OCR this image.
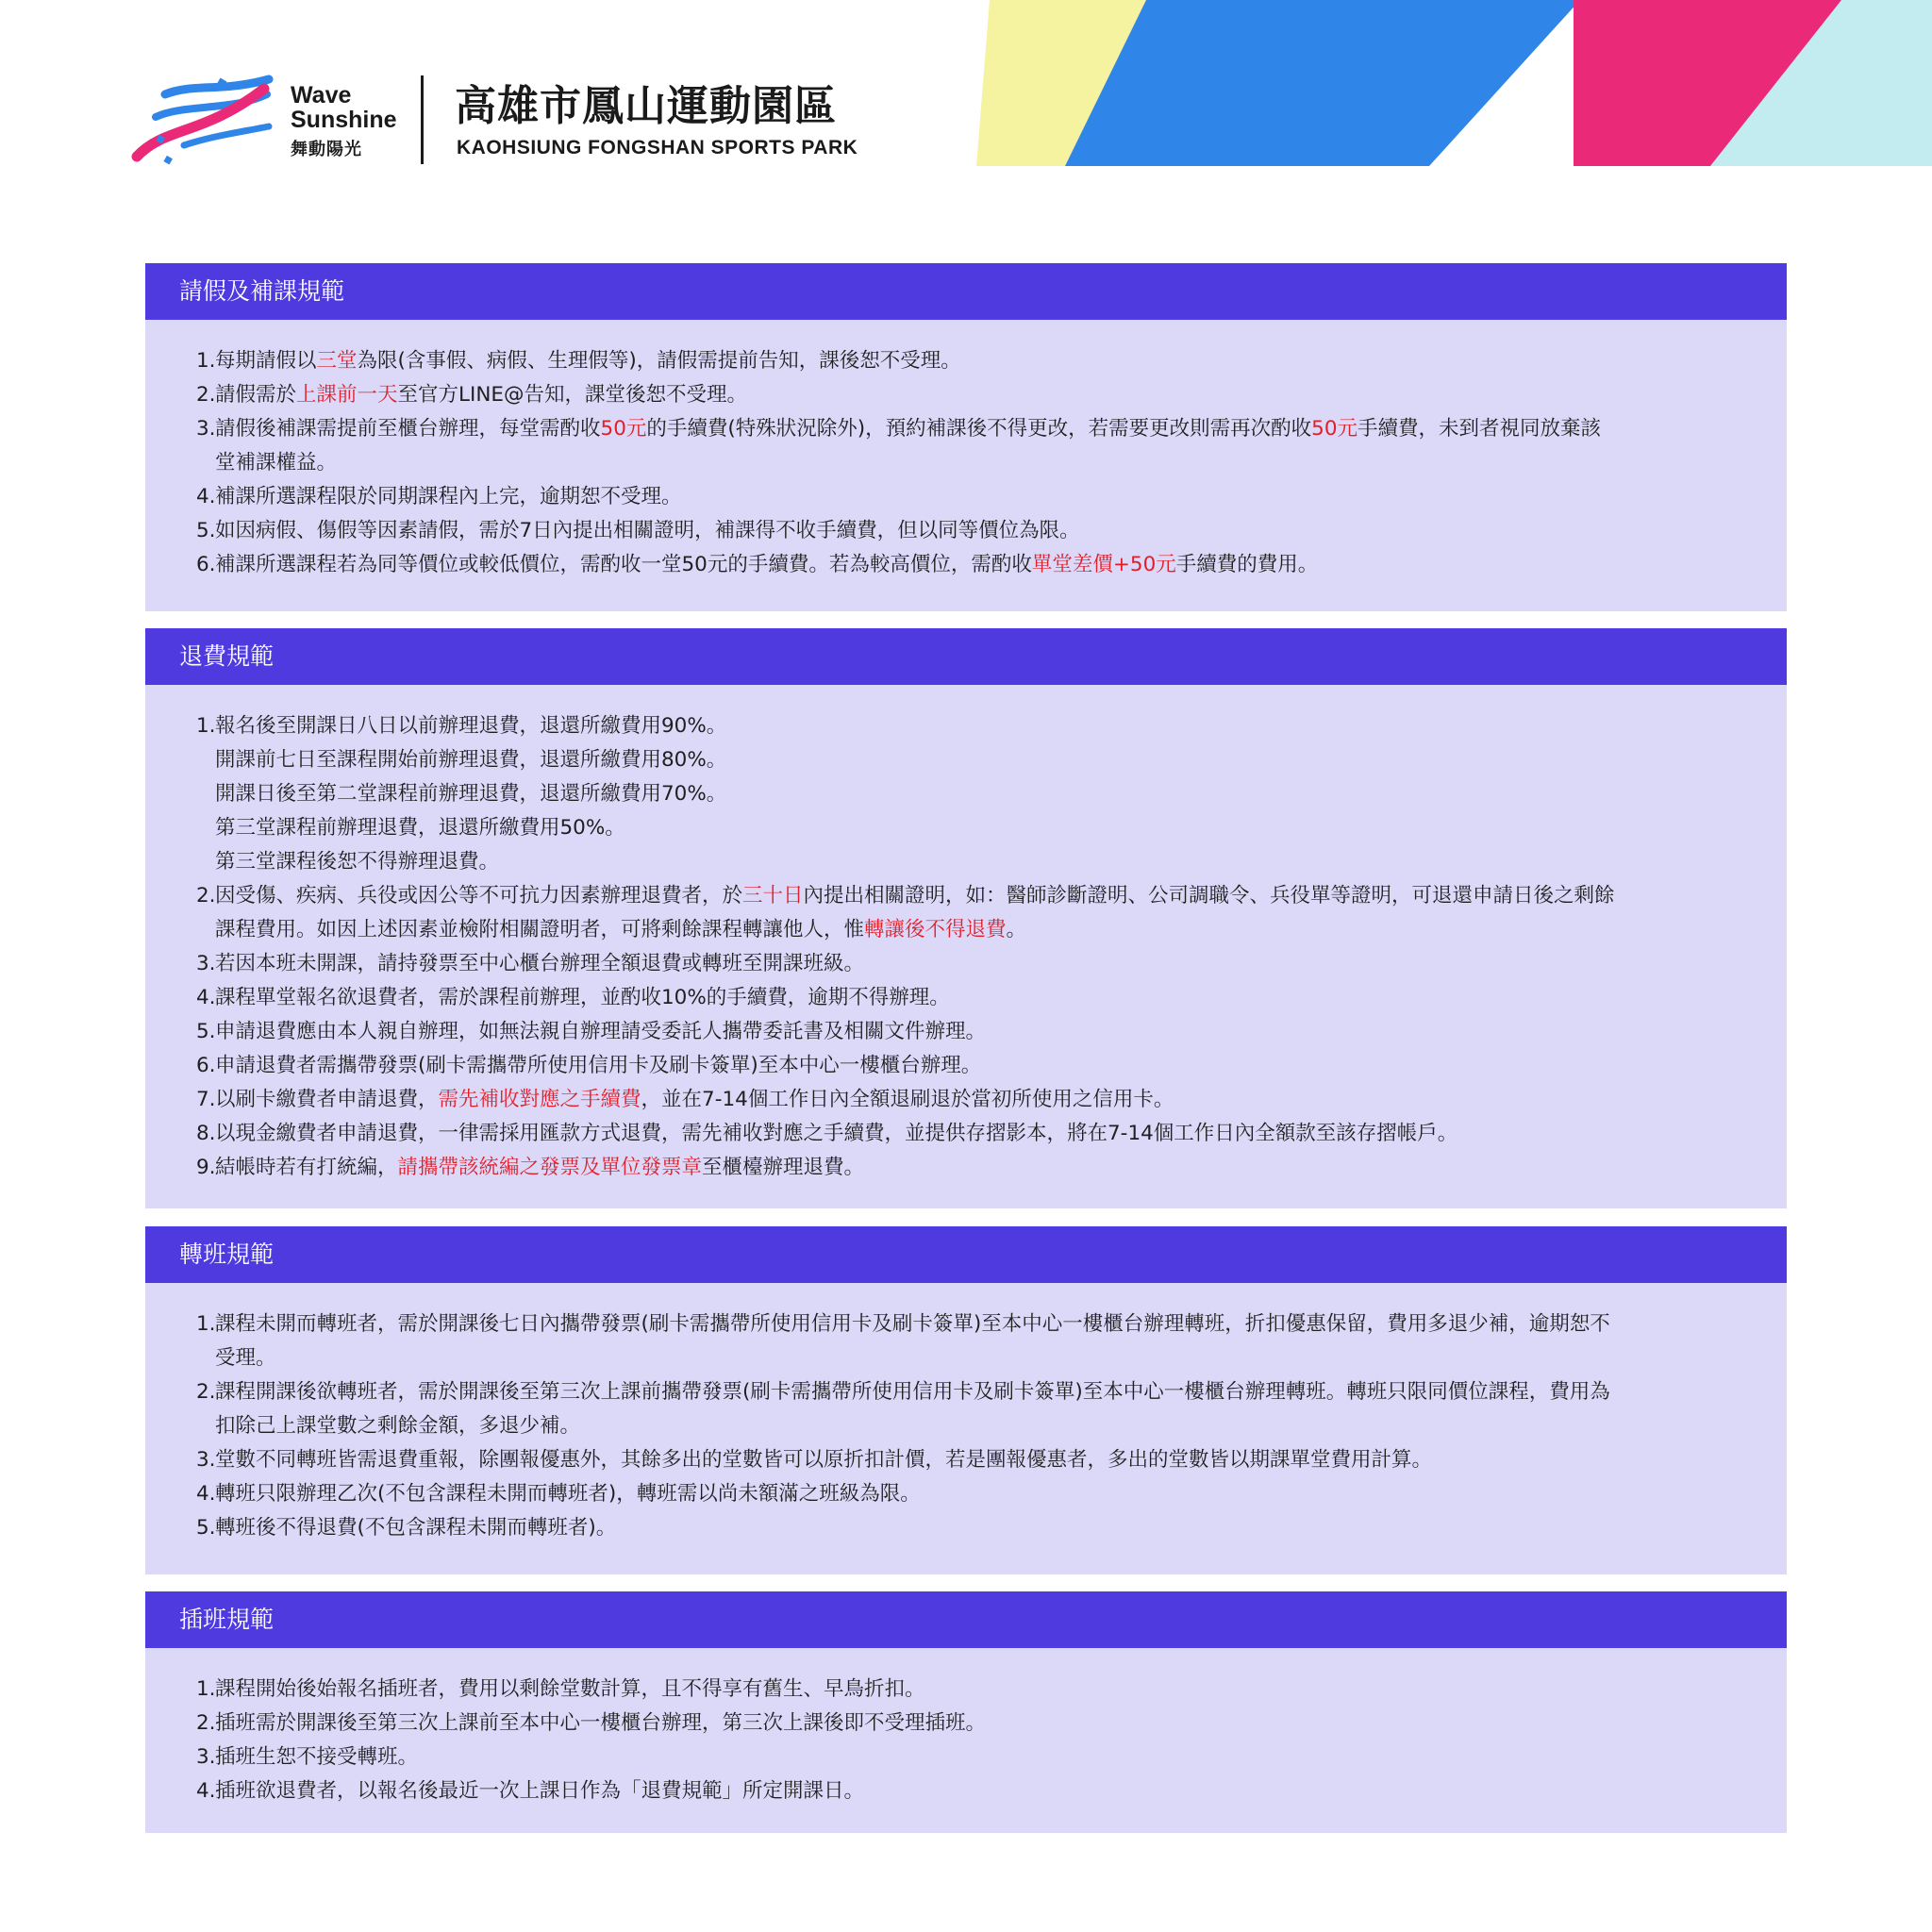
Wave
Sunshine
舞動陽光
高雄市鳳山運動園區
KAOHSIUNG FONGSHAN SPORTS PARK
請假及補課規範
1. 每期請假以三堂為限(含事假、病假、生理假等)，請假需提前告知，課後恕不受理。
2. 請假需於上課前一天至官方LINE@告知，課堂後恕不受理。
3. 請假後補課需提前至櫃台辦理，每堂需酌收50元的手續費(特殊狀況除外)，預約補課後不得更改，若需要更改則需再次酌收50元手續費，未到者視同放棄該
堂補課權益。
4. 補課所選課程限於同期課程內上完，逾期恕不受理。
5. 如因病假、傷假等因素請假，需於7日內提出相關證明，補課得不收手續費，但以同等價位為限。
6. 補課所選課程若為同等價位或較低價位，需酌收一堂50元的手續費。若為較高價位，需酌收單堂差價+50元手續費的費用。
退費規範
1. 報名後至開課日八日以前辦理退費，退還所繳費用90%。
開課前七日至課程開始前辦理退費，退還所繳費用80%。
開課日後至第二堂課程前辦理退費，退還所繳費用70%。
第三堂課程前辦理退費，退還所繳費用50%。
第三堂課程後恕不得辦理退費。
2. 因受傷、疾病、兵役或因公等不可抗力因素辦理退費者，於三十日內提出相關證明，如：醫師診斷證明、公司調職令、兵役單等證明，可退還申請日後之剩餘
課程費用。如因上述因素並檢附相關證明者，可將剩餘課程轉讓他人，惟轉讓後不得退費。
3. 若因本班未開課，請持發票至中心櫃台辦理全額退費或轉班至開課班級。
4. 課程單堂報名欲退費者，需於課程前辦理，並酌收10%的手續費，逾期不得辦理。
5. 申請退費應由本人親自辦理，如無法親自辦理請受委託人攜帶委託書及相關文件辦理。
6. 申請退費者需攜帶發票(刷卡需攜帶所使用信用卡及刷卡簽單)至本中心一樓櫃台辦理。
7. 以刷卡繳費者申請退費，需先補收對應之手續費，並在7-14個工作日內全額退刷退於當初所使用之信用卡。
8. 以現金繳費者申請退費，一律需採用匯款方式退費，需先補收對應之手續費，並提供存摺影本，將在7-14個工作日內全額款至該存摺帳戶。
9. 結帳時若有打統編，請攜帶該統編之發票及單位發票章至櫃檯辦理退費。
轉班規範
1. 課程未開而轉班者，需於開課後七日內攜帶發票(刷卡需攜帶所使用信用卡及刷卡簽單)至本中心一樓櫃台辦理轉班，折扣優惠保留，費用多退少補，逾期恕不
受理。
2. 課程開課後欲轉班者，需於開課後至第三次上課前攜帶發票(刷卡需攜帶所使用信用卡及刷卡簽單)至本中心一樓櫃台辦理轉班。轉班只限同價位課程，費用為
扣除己上課堂數之剩餘金額，多退少補。
3. 堂數不同轉班皆需退費重報，除團報優惠外，其餘多出的堂數皆可以原折扣計價，若是團報優惠者，多出的堂數皆以期課單堂費用計算。
4. 轉班只限辦理乙次(不包含課程未開而轉班者)，轉班需以尚未額滿之班級為限。
5. 轉班後不得退費(不包含課程未開而轉班者)。
插班規範
1. 課程開始後始報名插班者，費用以剩餘堂數計算，且不得享有舊生、早鳥折扣。
2. 插班需於開課後至第三次上課前至本中心一樓櫃台辦理，第三次上課後即不受理插班。
3. 插班生恕不接受轉班。
4. 插班欲退費者，以報名後最近一次上課日作為「退費規範」所定開課日。
